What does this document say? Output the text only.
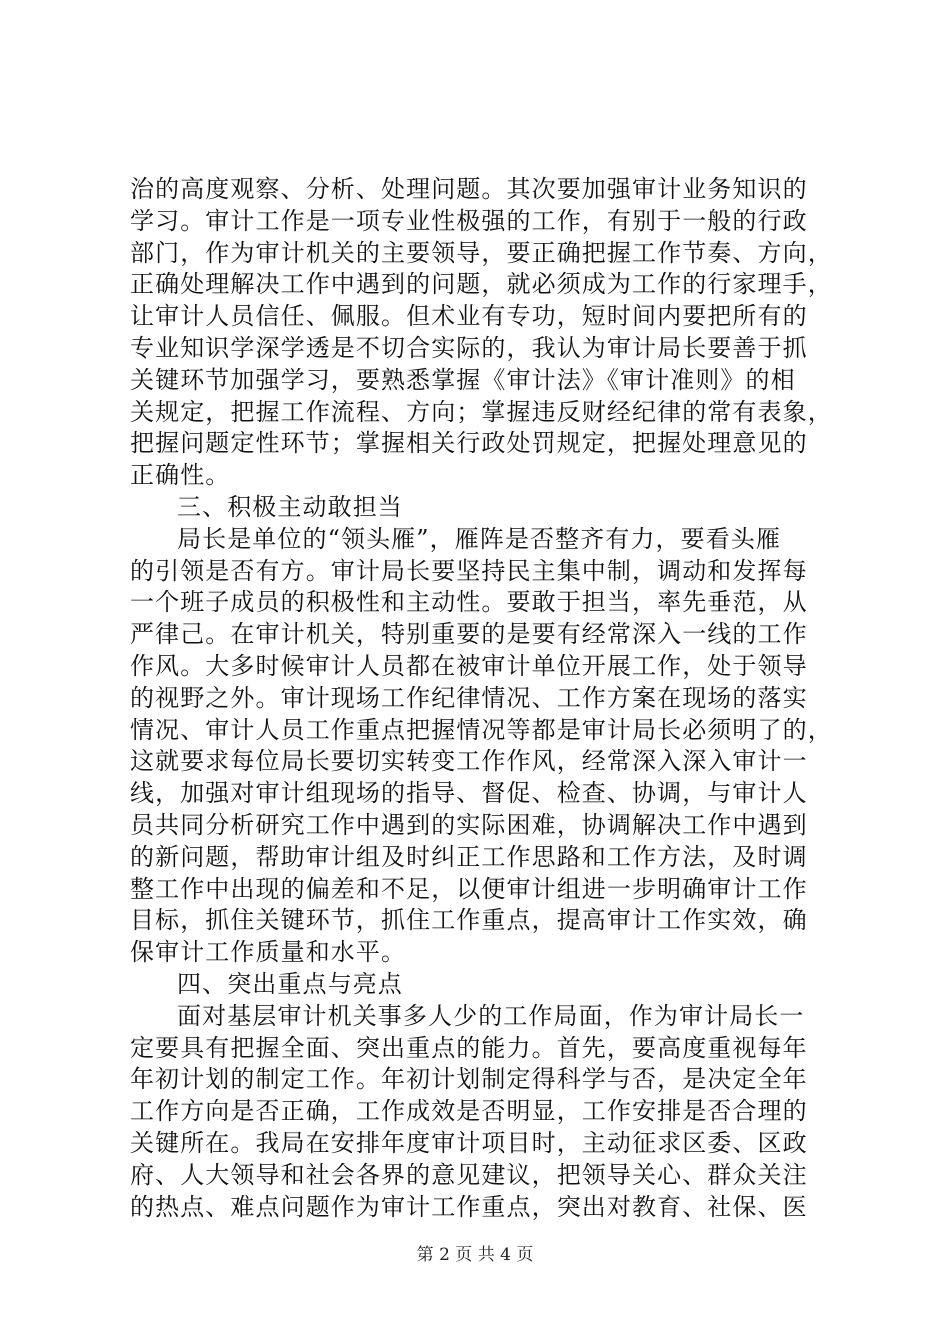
治的高度观察、分析、处理问题。其次要加强审计业务知识的
学习。审计工作是一项专业性极强的工作，有别于一般的行政
部门，作为审计机关的主要领导，要正确把握工作节奏、方向，
正确处理解决工作中遇到的问题，就必须成为工作的行家理手，
让审计人员信任、佩服。但术业有专功，短时间内要把所有的
专业知识学深学透是不切合实际的，我认为审计局长要善于抓
关键环节加强学习，要熟悉掌握《审计法》《审计准则》的相
关规定，把握工作流程、方向；掌握违反财经纪律的常有表象，
把握问题定性环节；掌握相关行政处罚规定，把握处理意见的
正确性。
三、积极主动敢担当
局长是单位的“领头雁”，雁阵是否整齐有力，要看头雁
的引领是否有方。审计局长要坚持民主集中制，调动和发挥每
一个班子成员的积极性和主动性。要敢于担当，率先垂范，从
严律己。在审计机关，特别重要的是要有经常深入一线的工作
作风。大多时候审计人员都在被审计单位开展工作，处于领导
的视野之外。审计现场工作纪律情况、工作方案在现场的落实
情况、审计人员工作重点把握情况等都是审计局长必须明了的，
这就要求每位局长要切实转变工作作风，经常深入深入审计一
线，加强对审计组现场的指导、督促、检查、协调，与审计人
员共同分析研究工作中遇到的实际困难，协调解决工作中遇到
的新问题，帮助审计组及时纠正工作思路和工作方法，及时调
整工作中出现的偏差和不足，以便审计组进一步明确审计工作
目标，抓住关键环节，抓住工作重点，提高审计工作实效，确
保审计工作质量和水平。
四、突出重点与亮点
面对基层审计机关事多人少的工作局面，作为审计局长一
定要具有把握全面、突出重点的能力。首先，要高度重视每年
年初计划的制定工作。年初计划制定得科学与否，是决定全年
工作方向是否正确，工作成效是否明显，工作安排是否合理的
关键所在。我局在安排年度审计项目时，主动征求区委、区政
府、人大领导和社会各界的意见建议，把领导关心、群众关注
的热点、难点问题作为审计工作重点，突出对教育、社保、医
第 2 页 共 4 页
